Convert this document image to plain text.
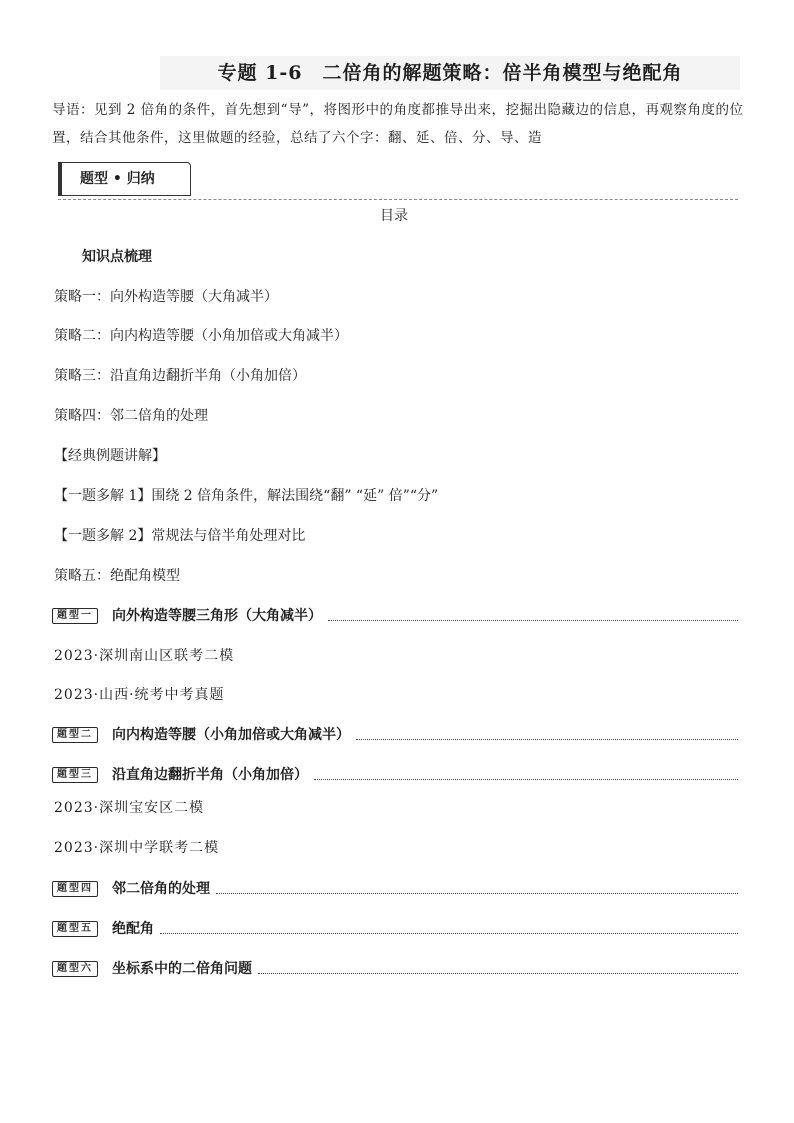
专题 1-6　二倍角的解题策略：倍半角模型与绝配角
导语：见到 2 倍角的条件，首先想到“导”，将图形中的角度都推导出来，挖掘出隐藏边的信息，再观察角度的位置，结合其他条件，这里做题的经验，总结了六个字：翻、延、倍、分、导、造
题型 • 归纳
目录
知识点梳理
策略一：向外构造等腰（大角减半）
策略二：向内构造等腰（小角加倍或大角减半）
策略三：沿直角边翻折半角（小角加倍）
策略四：邻二倍角的处理
【经典例题讲解】
【一题多解 1】围绕 2 倍角条件，解法围绕“翻” “延” 倍”“分”
【一题多解 2】常规法与倍半角处理对比
策略五：绝配角模型
题型一	向外构造等腰三角形（大角减半）
2023·深圳南山区联考二模
2023·山西·统考中考真题
题型二	向内构造等腰（小角加倍或大角减半）
题型三	沿直角边翻折半角（小角加倍）
2023·深圳宝安区二模
2023·深圳中学联考二模
题型四	邻二倍角的处理
题型五	绝配角
题型六	坐标系中的二倍角问题
